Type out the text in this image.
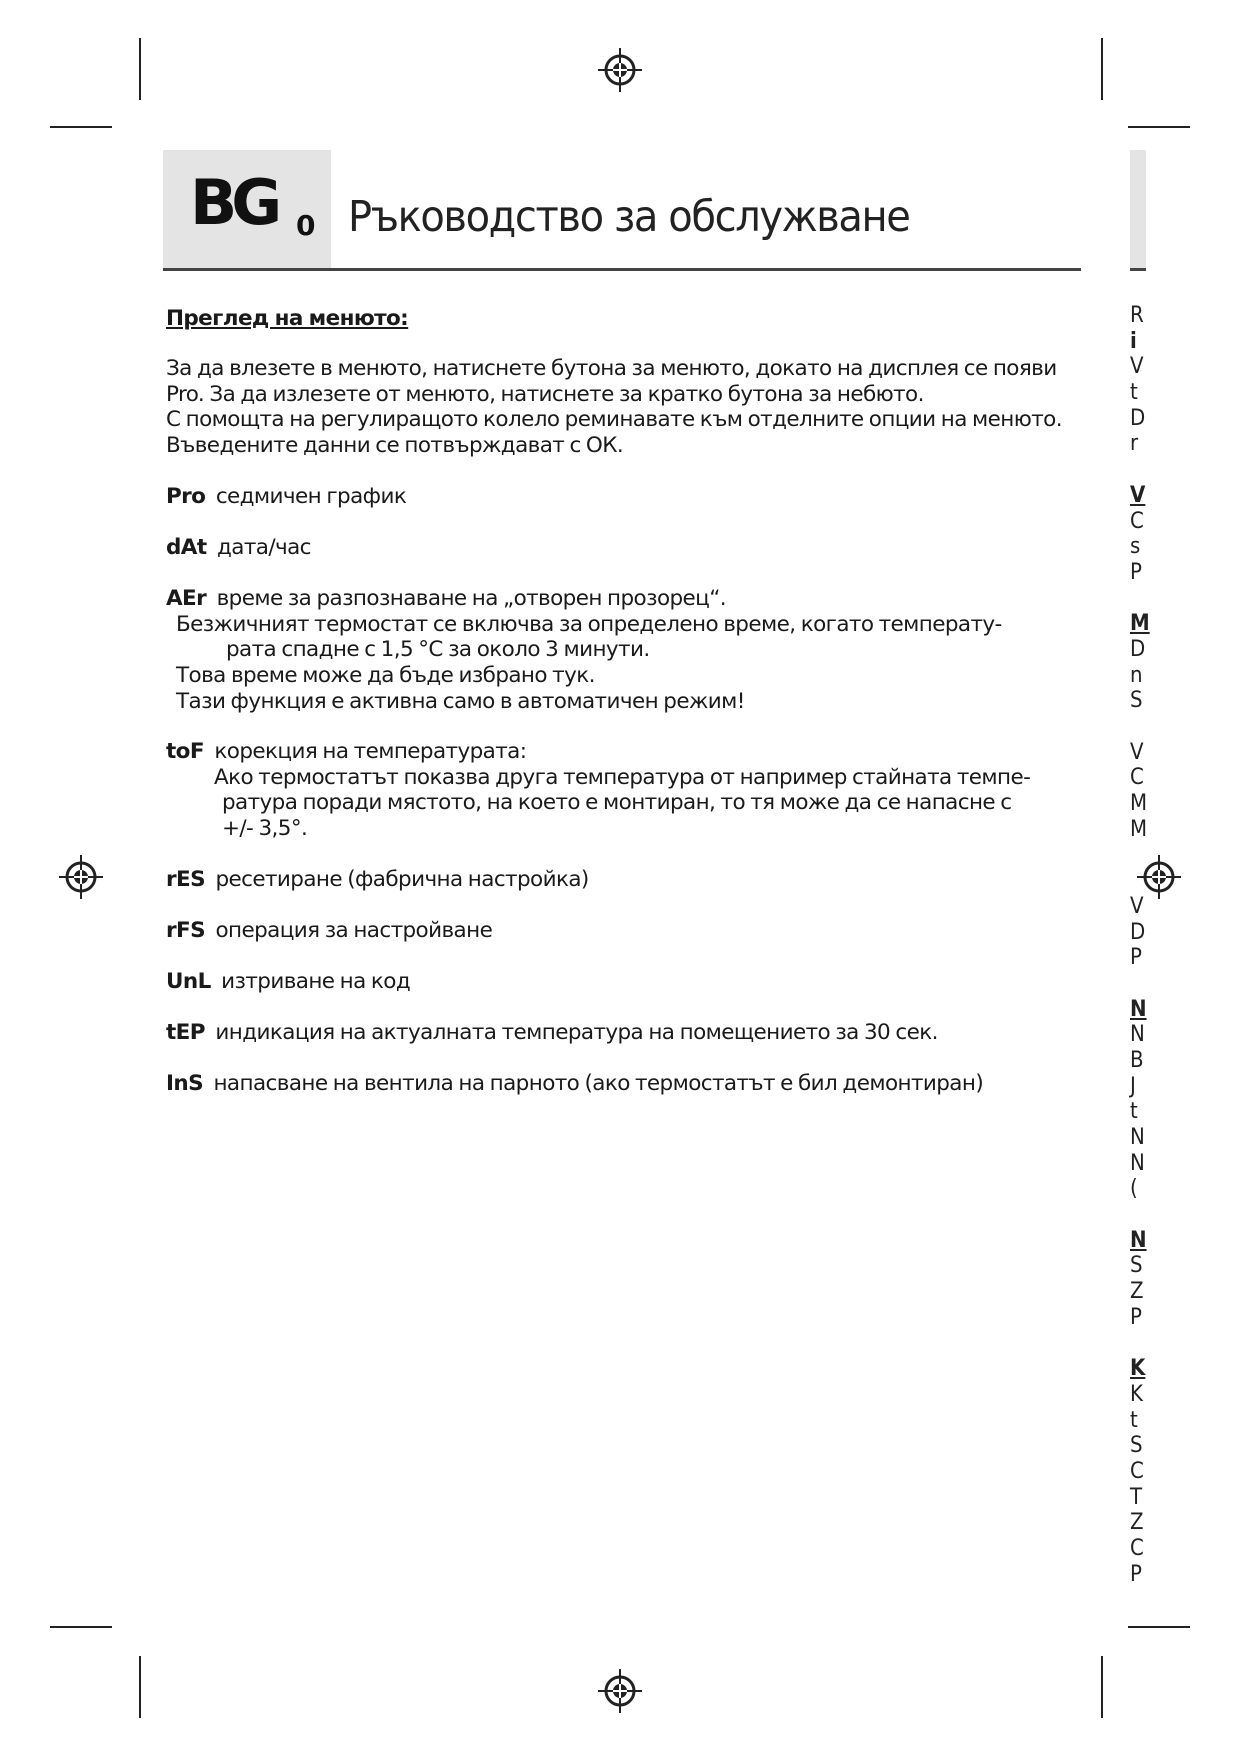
BG 0 Ръководство за обслужване
R
i
V
t
D
r
V
C
s
P
M
D
n
S
V
C
M
M
V
D
P
N
N
B
J
t
N
N
(
N
S
Z
P
K
K
t
S
C
T
Z
C
P
Преглед на менюто:

За да влезете в менюто, натиснете бутона за менюто, докато на дисплея се появи

Pro. За да излезете от менюто, натиснете за кратко бутона за небюто.

С помощта на регулиращото колело реминавате към отделните опции на менюто.

Въведените данни се потвърждават с ОК.

Pro седмичен график
dAt дата/час
AEr време за разпознаване на „отворен прозорец“.
Безжичният термостат се включва за определено време, когато температу-
рата спадне с 1,5 °C за около 3 минути.
Това време може да бъде избрано тук.
Тази функция е активна само в автоматичен режим!
toF корекция на температурата:
Ако термостатът показва друга температура от например стайната темпе-
ратура поради мястото, на което е монтиран, то тя може да се напасне с
+/- 3,5°.
rES ресетиране (фабрична настройка)
rFS операция за настройване
UnL изтриване на код
tEP индикация на актуалната температура на помещението за 30 сек.
InS напасване на вентила на парното (ако термостатът е бил демонтиран)
